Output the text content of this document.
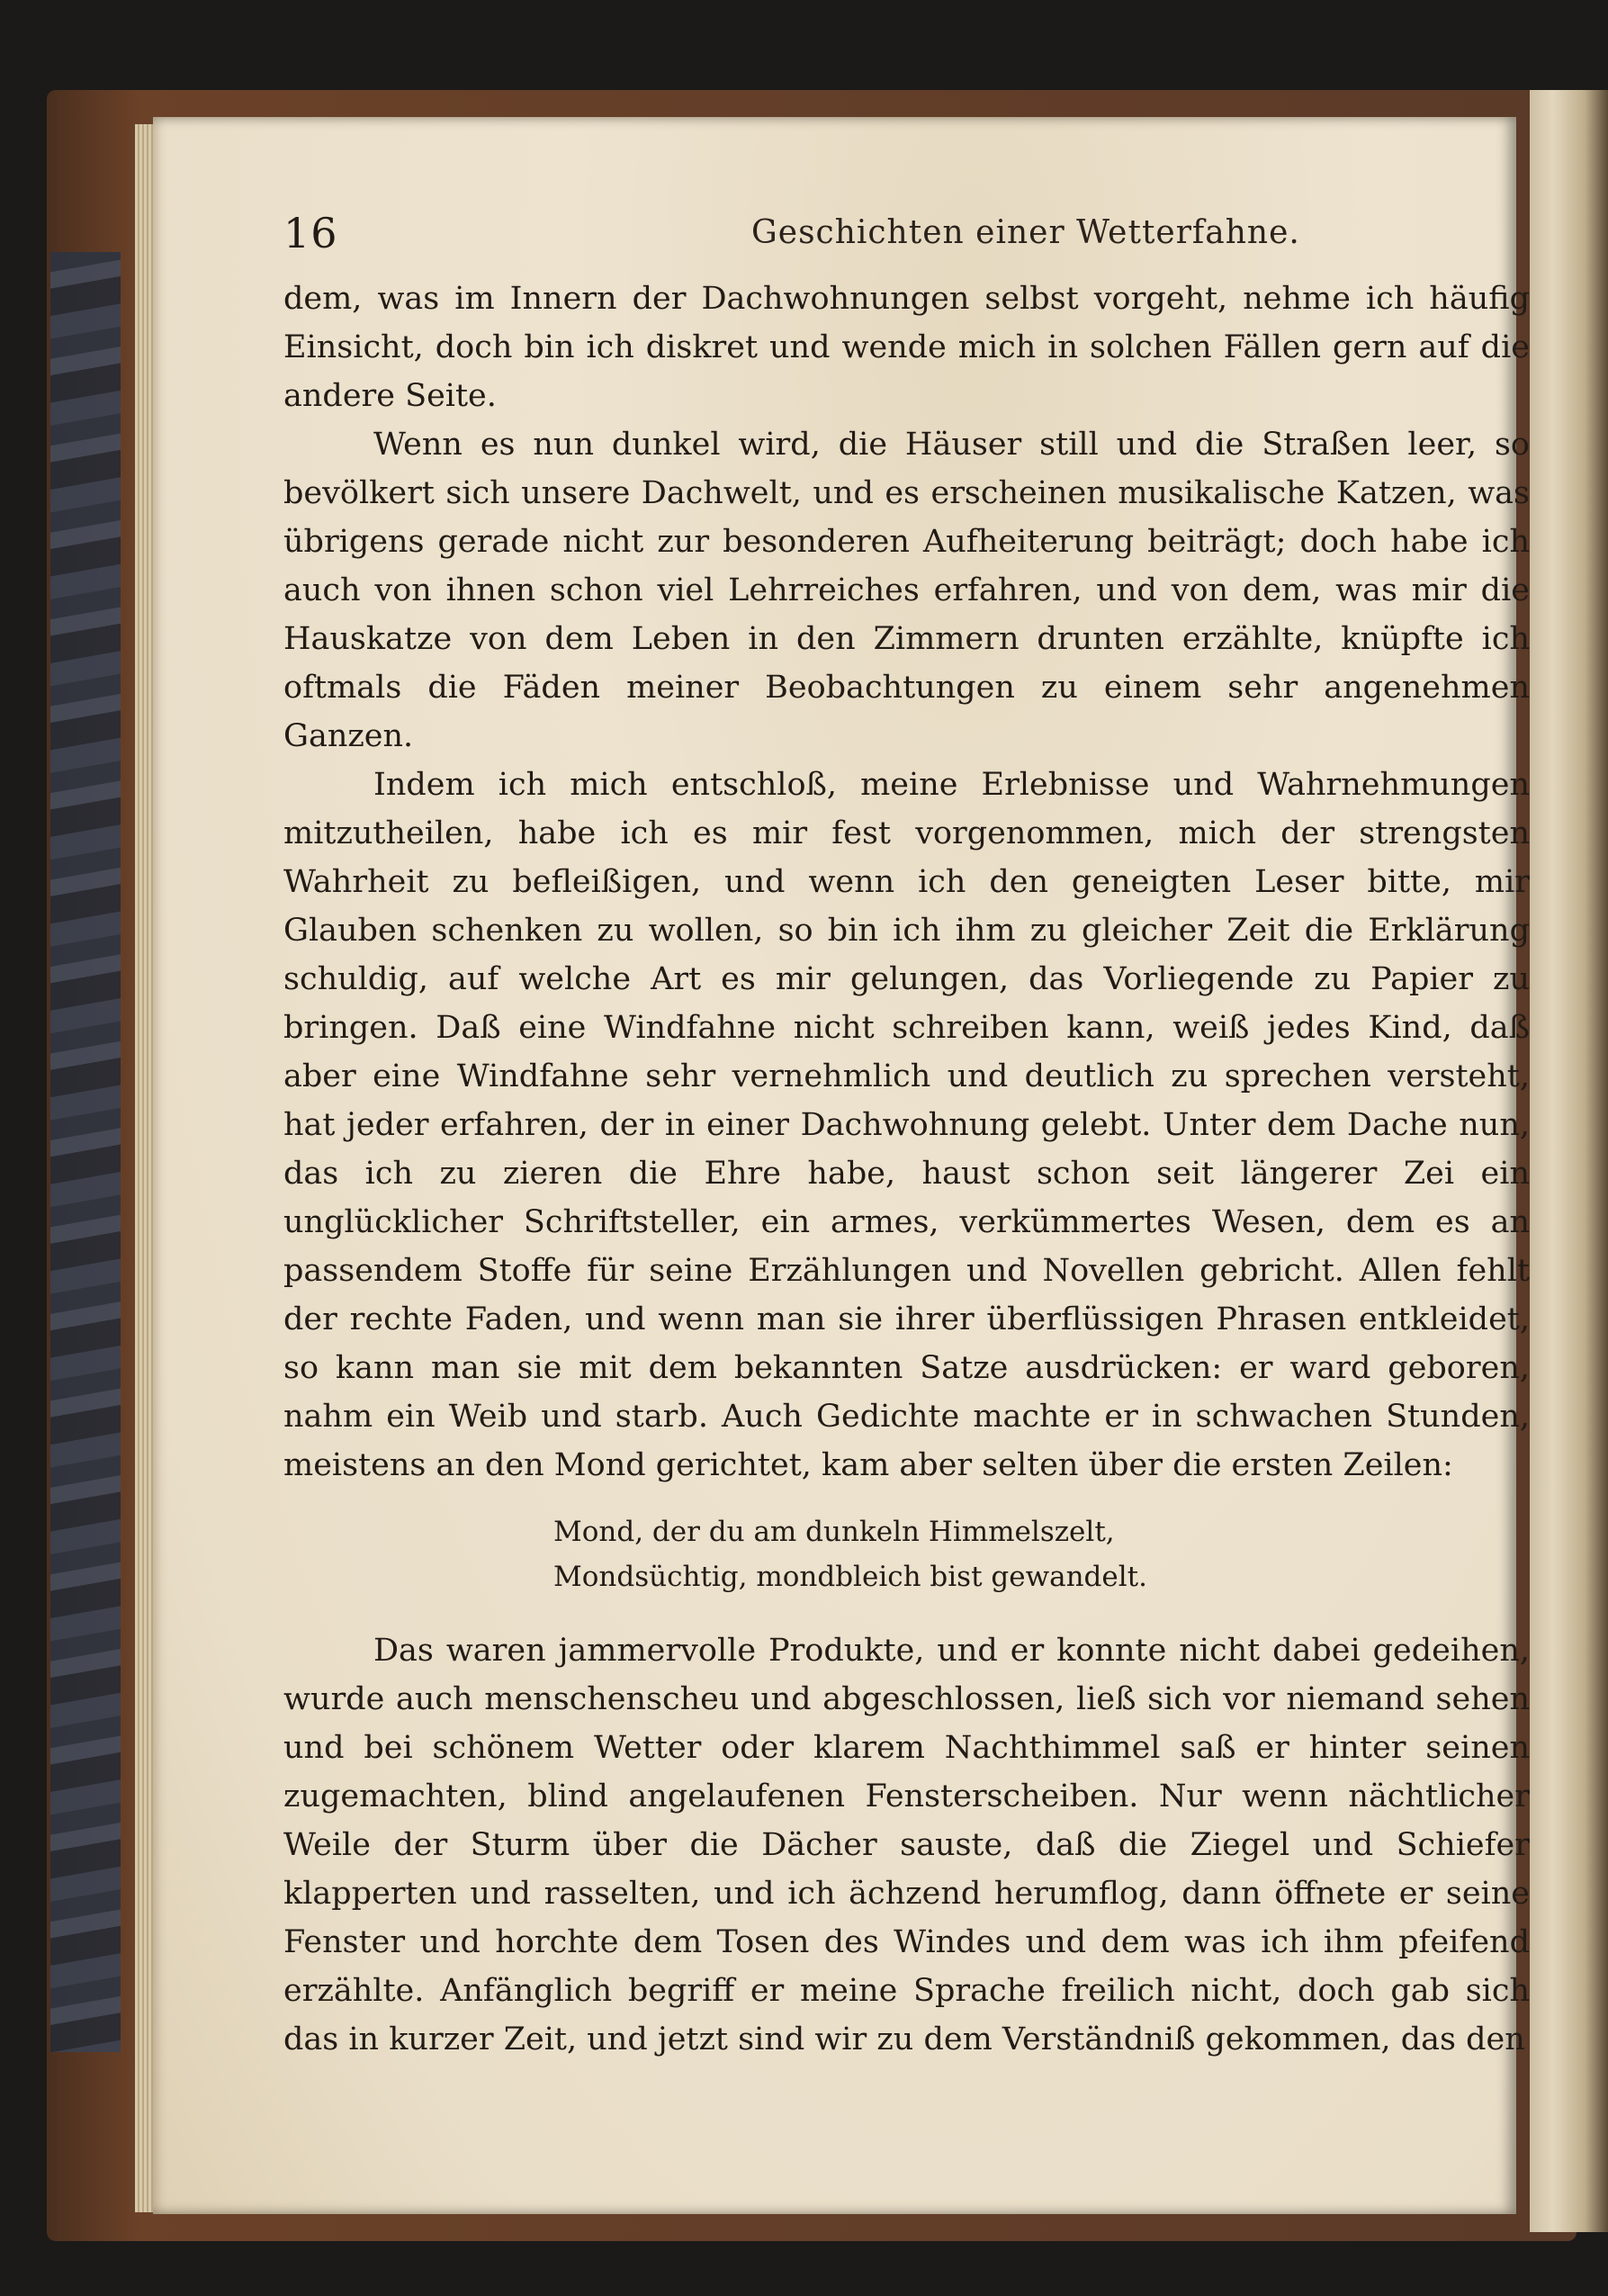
16	Geschichten einer Wetterfahne.

dem, was im Innern der Dachwohnungen selbst vorgeht, nehme ich häufig Einsicht, doch bin ich diskret und wende mich in solchen Fällen gern auf die andere Seite.

Wenn es nun dunkel wird, die Häuser still und die Straßen leer, so bevölkert sich unsere Dachwelt, und es erscheinen musikalische Katzen, was übrigens gerade nicht zur besonderen Aufheiterung beiträgt; doch habe ich auch von ihnen schon viel Lehrreiches erfahren, und von dem, was mir die Hauskatze von dem Leben in den Zimmern drunten erzählte, knüpfte ich oftmals die Fäden meiner Beobachtungen zu einem sehr angenehmen Ganzen.

Indem ich mich entschloß, meine Erlebnisse und Wahrnehmungen mitzutheilen, habe ich es mir fest vorgenommen, mich der strengsten Wahrheit zu befleißigen, und wenn ich den geneigten Leser bitte, mir Glauben schenken zu wollen, so bin ich ihm zu gleicher Zeit die Erklärung schuldig, auf welche Art es mir gelungen, das Vorliegende zu Papier zu bringen. Daß eine Windfahne nicht schreiben kann, weiß jedes Kind, daß aber eine Windfahne sehr vernehmlich und deutlich zu sprechen versteht, hat jeder erfahren, der in einer Dachwohnung gelebt. Unter dem Dache nun, das ich zu zieren die Ehre habe, haust schon seit längerer Zei ein unglücklicher Schriftsteller, ein armes, verkümmertes Wesen, dem es an passendem Stoffe für seine Erzählungen und Novellen gebricht. Allen fehlt der rechte Faden, und wenn man sie ihrer überflüssigen Phrasen entkleidet, so kann man sie mit dem bekannten Satze ausdrücken: er ward geboren, nahm ein Weib und starb. Auch Gedichte machte er in schwachen Stunden, meistens an den Mond gerichtet, kam aber selten über die ersten Zeilen:

Mond, der du am dunkeln Himmelszelt,
Mondsüchtig, mondbleich bist gewandelt.

Das waren jammervolle Produkte, und er konnte nicht dabei gedeihen, wurde auch menschenscheu und abgeschlossen, ließ sich vor niemand sehen und bei schönem Wetter oder klarem Nachthimmel saß er hinter seinen zugemachten, blind angelaufenen Fensterscheiben. Nur wenn nächtlicher Weile der Sturm über die Dächer sauste, daß die Ziegel und Schiefer klapperten und rasselten, und ich ächzend herumflog, dann öffnete er seine Fenster und horchte dem Tosen des Windes und dem was ich ihm pfeifend erzählte. Anfänglich begriff er meine Sprache freilich nicht, doch gab sich das in kurzer Zeit, und jetzt sind wir zu dem Verständniß gekommen, das den
